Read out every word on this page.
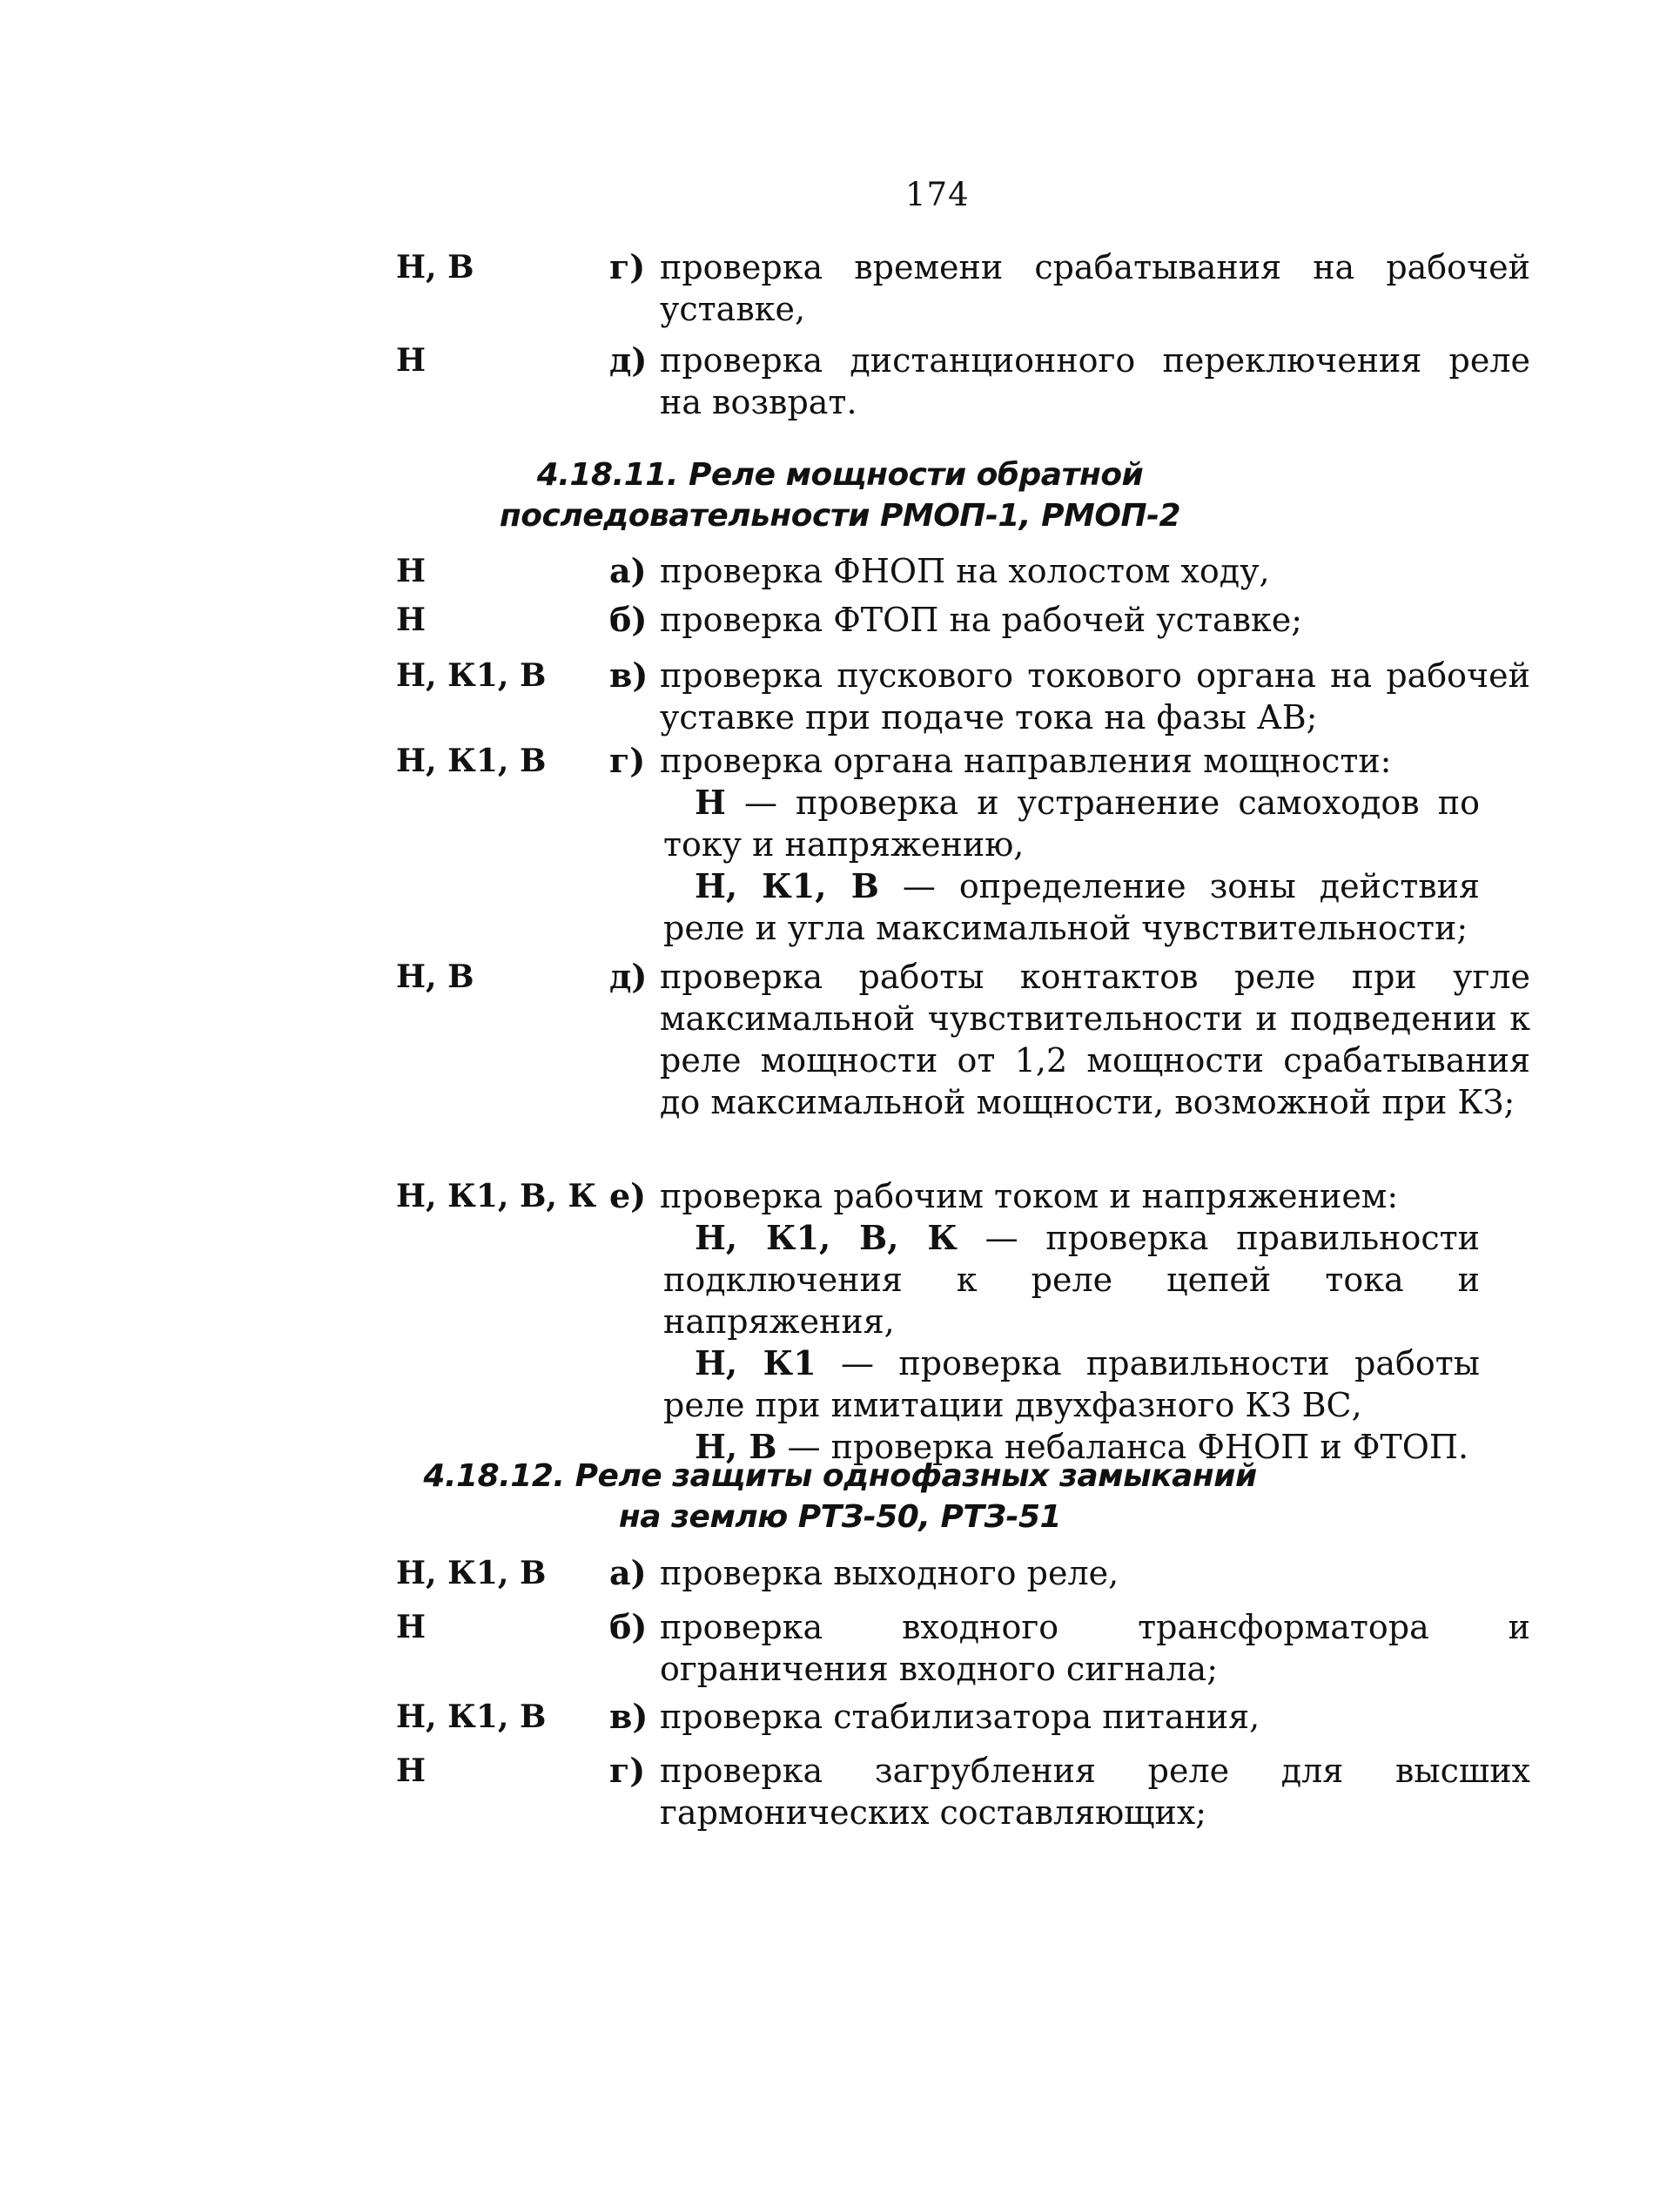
174
Н, В	г) проверка времени срабатывания на рабочей уставке,
Н	д) проверка дистанционного переключения реле на возврат.
4.18.11. Реле мощности обратной
последовательности РМОП-1, РМОП-2
Н	а) проверка ФНОП на холостом ходу,
Н	б) проверка ФТОП на рабочей уставке;
Н, К1, В в) проверка пускового токового органа на рабочей уставке при подаче тока на фазы АВ;
Н, К1, В г) проверка органа направления мощности:
Н — проверка и устранение самоходов по току и напряжению,
Н, К1, В — определение зоны действия реле и угла максимальной чувствительности;
Н, В	д) проверка работы контактов реле при угле максимальной чувствительности и подведении к реле мощности от 1,2 мощности срабатывания до максимальной мощности, возможной при КЗ;
Н, К1, В, К е) проверка рабочим током и напряжением:
Н, К1, В, К — проверка правильности подключения к реле цепей тока и напряжения,
Н, К1 — проверка правильности работы реле при имитации двухфазного КЗ ВС,
Н, В — проверка небаланса ФНОП и ФТОП.
4.18.12. Реле защиты однофазных замыканий
на землю РТЗ-50, РТЗ-51
Н, К1, В а) проверка выходного реле,
Н	б) проверка входного трансформатора и ограничения входного сигнала;
Н, К1, В в) проверка стабилизатора питания,
Н	г) проверка загрубления реле для высших гармонических составляющих;
